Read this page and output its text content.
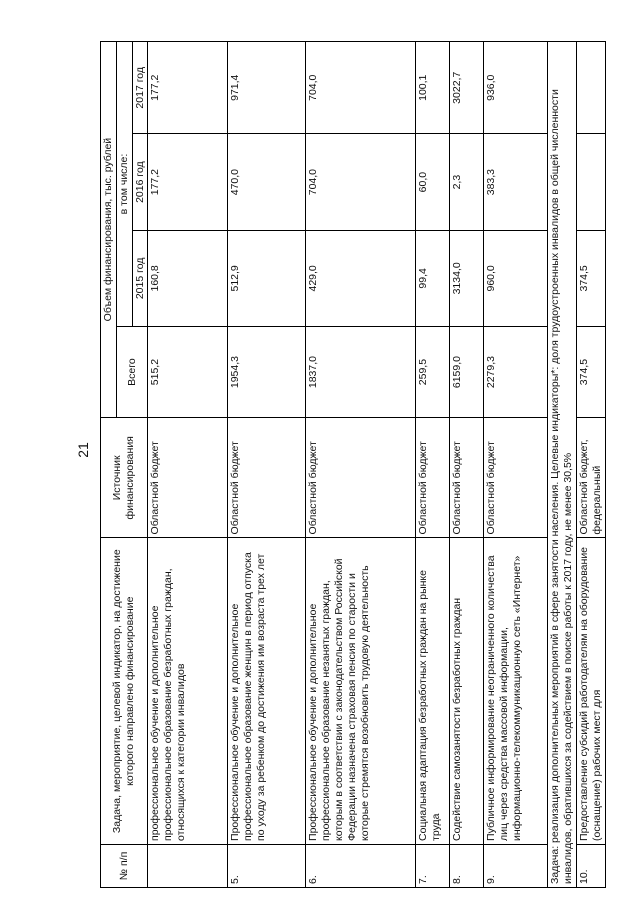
21
№ п/п	Задача, мероприятие, целевой индикатор, на достижение которого направлено финансирование	Источник финансирования	Объем финансирования, тыс. рублей			
			Всего	в том числе:		
				2015 год	2016 год	2017 год
	профессиональное обучение и дополнительное профессиональное образование безработных граждан, относящихся к категории инвалидов	Областной бюджет	515,2	160,8	177,2	177,2
5.	Профессиональное обучение и дополнительное профессиональное образование женщин в период отпуска по уходу за ребенком до достижения им возраста трех лет	Областной бюджет	1954,3	512,9	470,0	971,4
6.	Профессиональное обучение и дополнительное профессиональное образование незанятых граждан, которым в соответствии с законодательством Российской Федерации назначена страховая пенсия по старости и которые стремятся возобновить трудовую деятельность	Областной бюджет	1837,0	429,0	704,0	704,0
7.	Социальная адаптация безработных граждан на рынке труда	Областной бюджет	259,5	99,4	60,0	100,1
8.	Содействие самозанятости безработных граждан	Областной бюджет	6159,0	3134,0	2,3	3022,7
9.	Публичное информирование неограниченного количества лиц через средства массовой информации, информационно-телекоммуникационную сеть «Интернет»	Областной бюджет	2279,3	960,0	383,3	936,0
Задача: реализация дополнительных мероприятий в сфере занятости населения. Целевые индикаторы*: доля трудоустроенных инвалидов в общей численности инвалидов, обратившихся за содействием в поиске работы к 2017 году, не менее 30,5%						
10.	Предоставление субсидий работодателям на оборудование (оснащение) рабочих мест для	Областной бюджет, федеральный	374,5	374,5		
